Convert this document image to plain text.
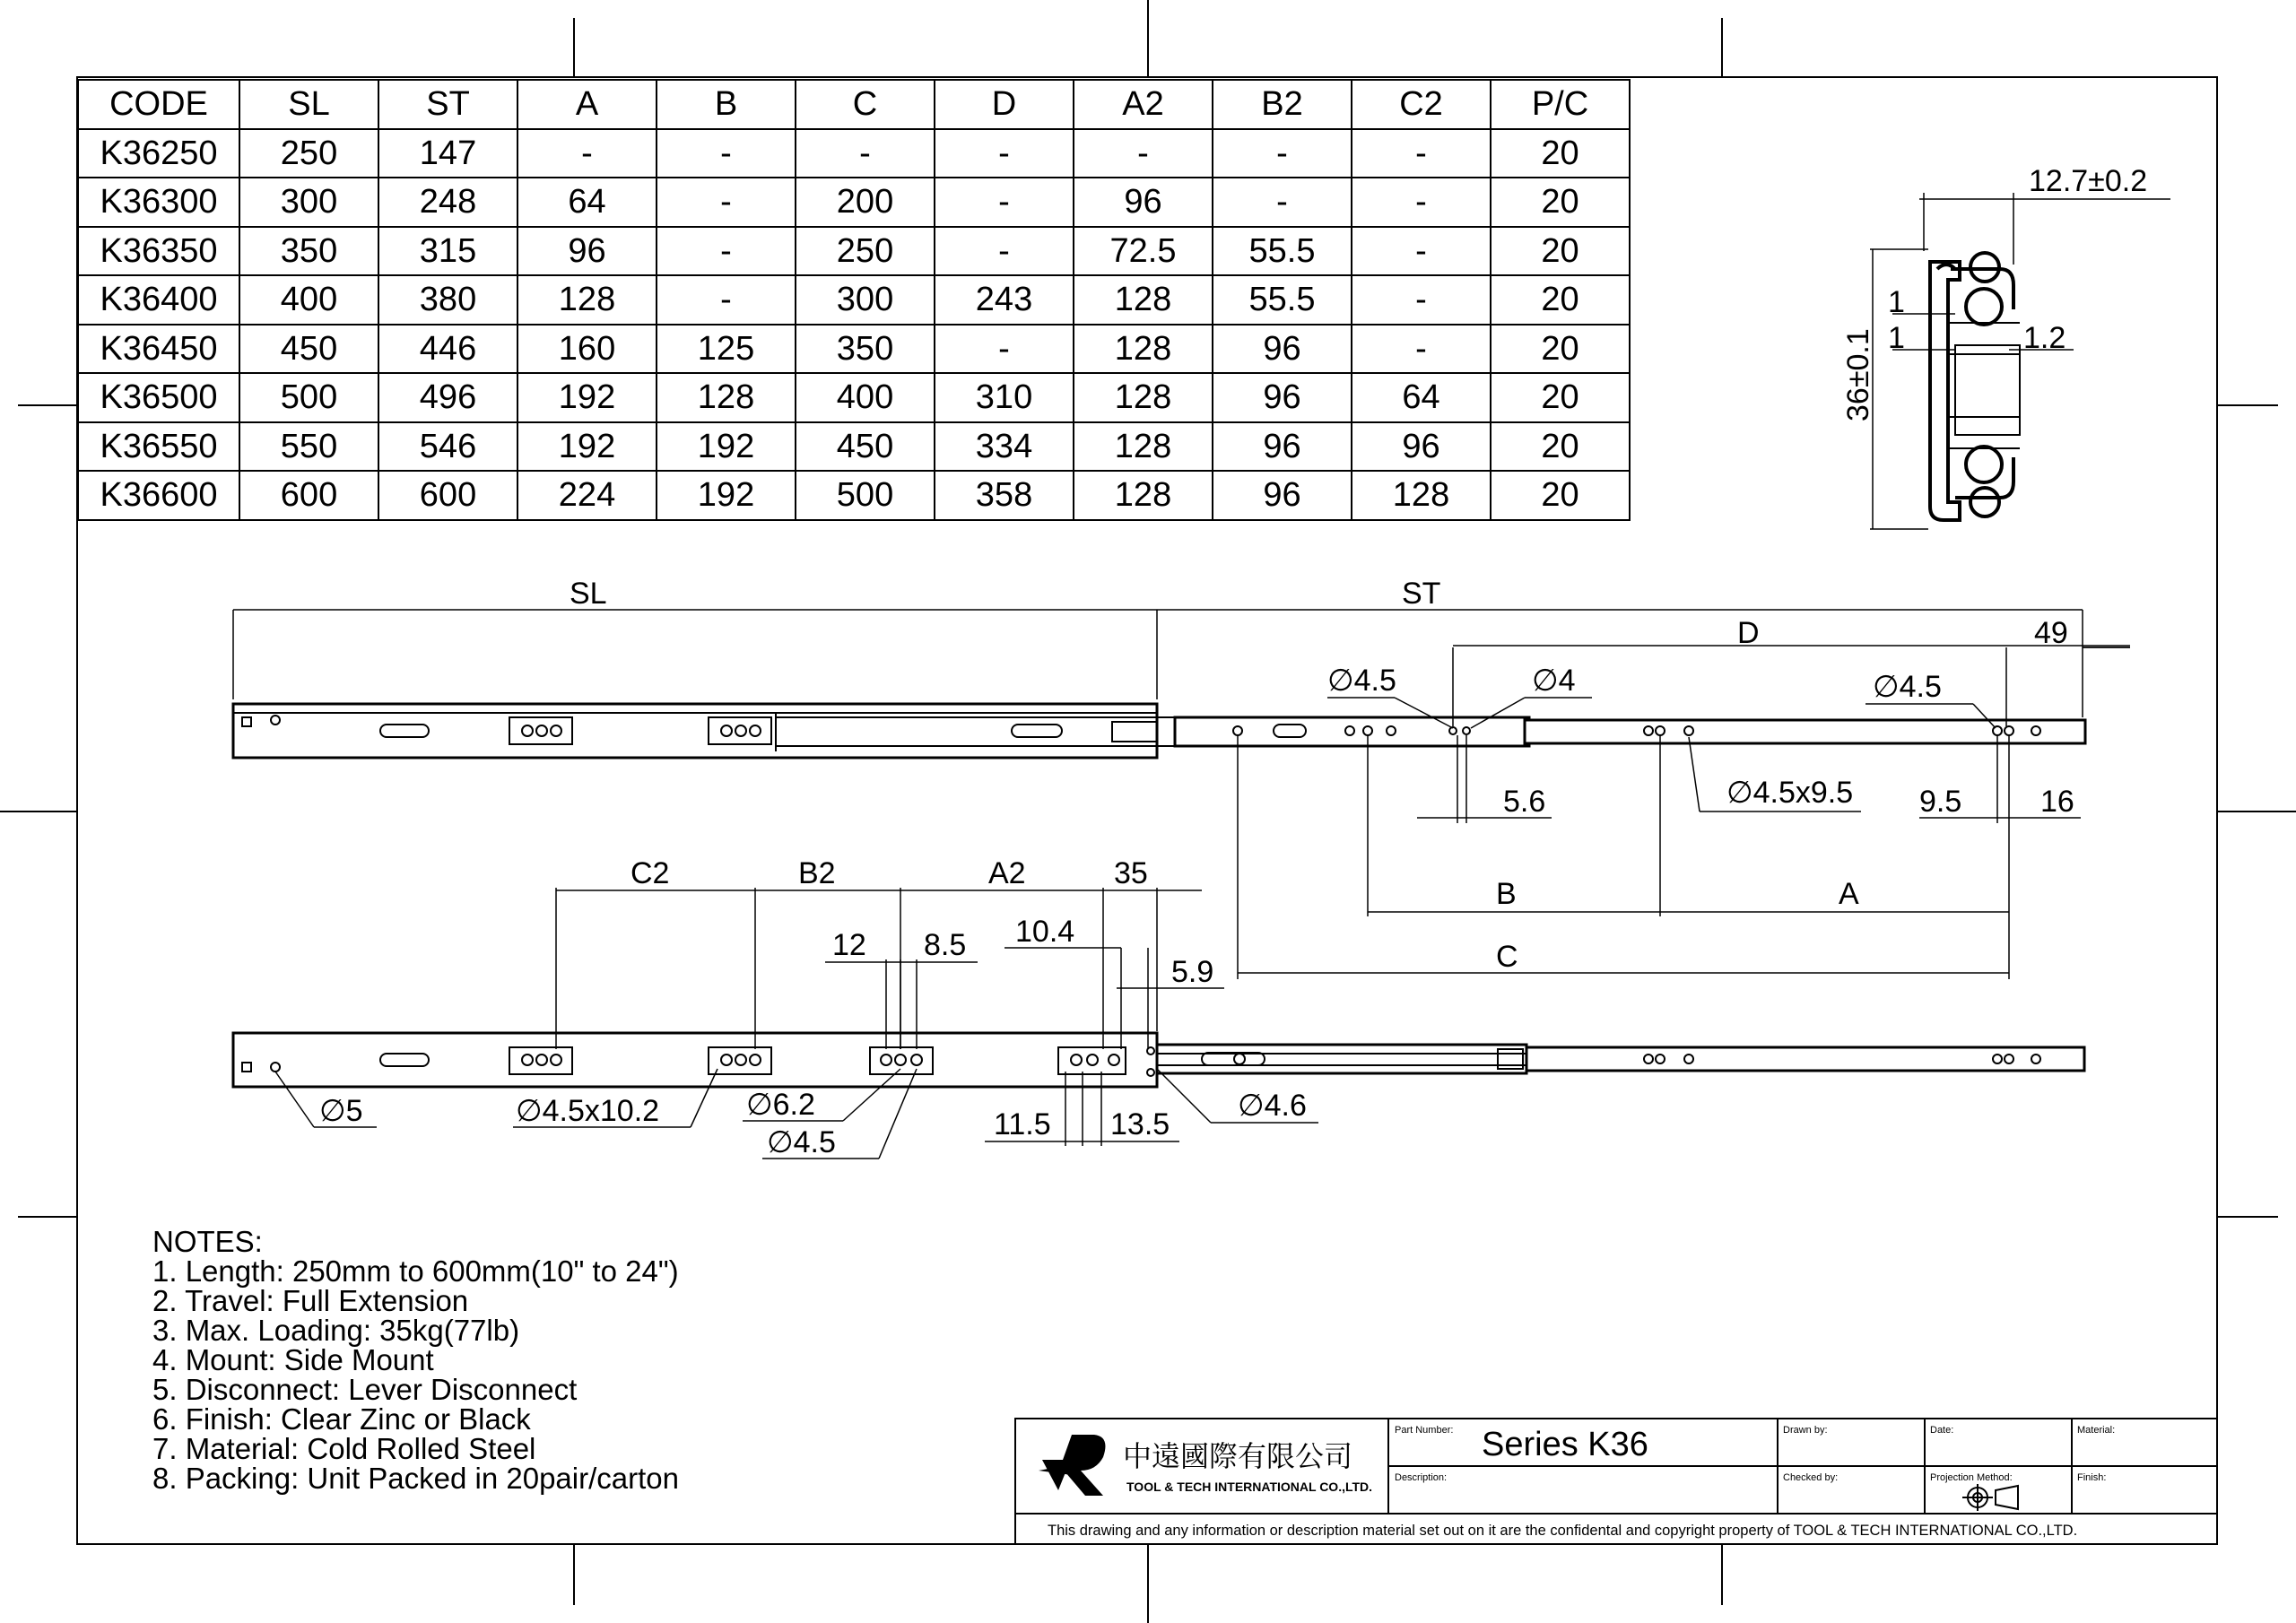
12.7±0.2
36±0.1
1
1	1.2
SL	ST
D	49
∅4.5	∅4	∅4.5
∅4.5x9.5
5.6	9.5	16
B	A
C
C2	B2	A2	35
12 8.5 10.4
5.9
∅5	∅4.5x10.2	∅6.2
∅4.5
11.5 13.5
∅4.6
中遠國際有限公司
TOOL & TECH INTERNATIONAL CO.,LTD.
Part Number: Series K36
Description:
Drawn by:
Checked by:
Date:
Projection Method:
Material:
Finish:
This drawing and any information or description material set out on it are the confidental and copyright property of TOOL & TECH INTERNATIONAL CO.,LTD.
CODE	SL	ST	A	B	C	D	A2	B2	C2	P/C
K36250	250	147	-	-	-	-	-	-	-	20
K36300	300	248	64	-	200	-	96	-	-	20
K36350	350	315	96	-	250	-	72.5	55.5	-	20
K36400	400	380	128	-	300	243	128	55.5	-	20
K36450	450	446	160	125	350	-	128	96	-	20
K36500	500	496	192	128	400	310	128	96	64	20
K36550	550	546	192	192	450	334	128	96	96	20
K36600	600	600	224	192	500	358	128	96	128	20
NOTES:
1. Length: 250mm to 600mm(10" to 24")
2. Travel: Full Extension
3. Max. Loading: 35kg(77lb)
4. Mount: Side Mount
5. Disconnect: Lever Disconnect
6. Finish: Clear Zinc or Black
7. Material: Cold Rolled Steel
8. Packing: Unit Packed in 20pair/carton
